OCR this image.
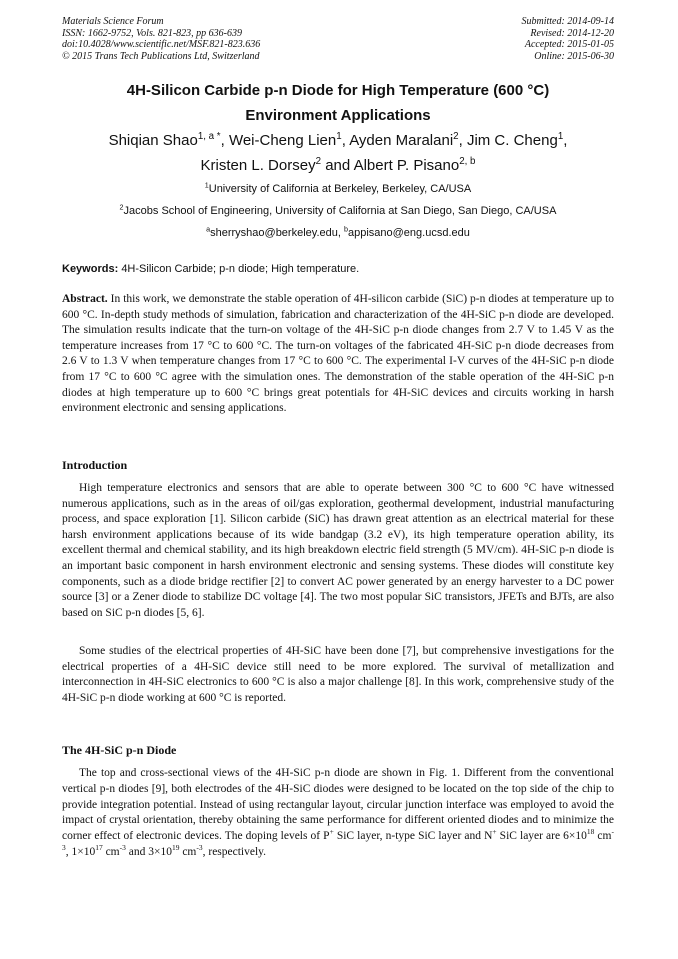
Materials Science Forum
ISSN: 1662-9752, Vols. 821-823, pp 636-639
doi:10.4028/www.scientific.net/MSF.821-823.636
© 2015 Trans Tech Publications Ltd, Switzerland
Submitted: 2014-09-14
Revised: 2014-12-20
Accepted: 2015-01-05
Online: 2015-06-30
4H-Silicon Carbide p-n Diode for High Temperature (600 °C)
Environment Applications
Shiqian Shao$^{1, a *}$, Wei-Cheng Lien$^1$, Ayden Maralani$^2$, Jim C. Cheng$^1$,
Kristen L. Dorsey$^2$ and Albert P. Pisano$^{2, b}$
$^1$University of California at Berkeley, Berkeley, CA/USA
$^2$Jacobs School of Engineering, University of California at San Diego, San Diego, CA/USA
$^a$sherryshao@berkeley.edu, $^b$appisano@eng.ucsd.edu
Keywords: 4H-Silicon Carbide; p-n diode; High temperature.
Abstract. In this work, we demonstrate the stable operation of 4H-silicon carbide (SiC) p-n diodes at temperature up to 600 °C. In-depth study methods of simulation, fabrication and characterization of the 4H-SiC p-n diode are developed. The simulation results indicate that the turn-on voltage of the 4H-SiC p-n diode changes from 2.7 V to 1.45 V as the temperature increases from 17 °C to 600 °C. The turn-on voltages of the fabricated 4H-SiC p-n diode decreases from 2.6 V to 1.3 V when temperature changes from 17 °C to 600 °C. The experimental I-V curves of the 4H-SiC p-n diode from 17 °C to 600 °C agree with the simulation ones. The demonstration of the stable operation of the 4H-SiC p-n diodes at high temperature up to 600 °C brings great potentials for 4H-SiC devices and circuits working in harsh environment electronic and sensing applications.
Introduction
High temperature electronics and sensors that are able to operate between 300 °C to 600 °C have witnessed numerous applications, such as in the areas of oil/gas exploration, geothermal development, industrial manufacturing process, and space exploration [1]. Silicon carbide (SiC) has drawn great attention as an electrical material for these harsh environment applications because of its wide bandgap (3.2 eV), its high temperature operation ability, its excellent thermal and chemical stability, and its high breakdown electric field strength (5 MV/cm). 4H-SiC p-n diode is an important basic component in harsh environment electronic and sensing systems. These diodes will constitute key components, such as a diode bridge rectifier [2] to convert AC power generated by an energy harvester to a DC power source [3] or a Zener diode to stabilize DC voltage [4]. The two most popular SiC transistors, JFETs and BJTs, are also based on SiC p-n diodes [5, 6].
Some studies of the electrical properties of 4H-SiC have been done [7], but comprehensive investigations for the electrical properties of a 4H-SiC device still need to be more explored. The survival of metallization and interconnection in 4H-SiC electronics to 600 °C is also a major challenge [8]. In this work, comprehensive study of the 4H-SiC p-n diode working at 600 °C is reported.
The 4H-SiC p-n Diode
The top and cross-sectional views of the 4H-SiC p-n diode are shown in Fig. 1. Different from the conventional vertical p-n diodes [9], both electrodes of the 4H-SiC diodes were designed to be located on the top side of the chip to provide integration potential. Instead of using rectangular layout, circular junction interface was employed to avoid the impact of crystal orientation, thereby obtaining the same performance for different oriented diodes and to minimize the corner effect of electronic devices. The doping levels of P+ SiC layer, n-type SiC layer and N+ SiC layer are $6\times 10^{18}$ $cm^{-3}$, $1\times 10^{17}$ $cm^{-3}$ and $3\times 10^{19}$ $cm^{-3}$, respectively.
